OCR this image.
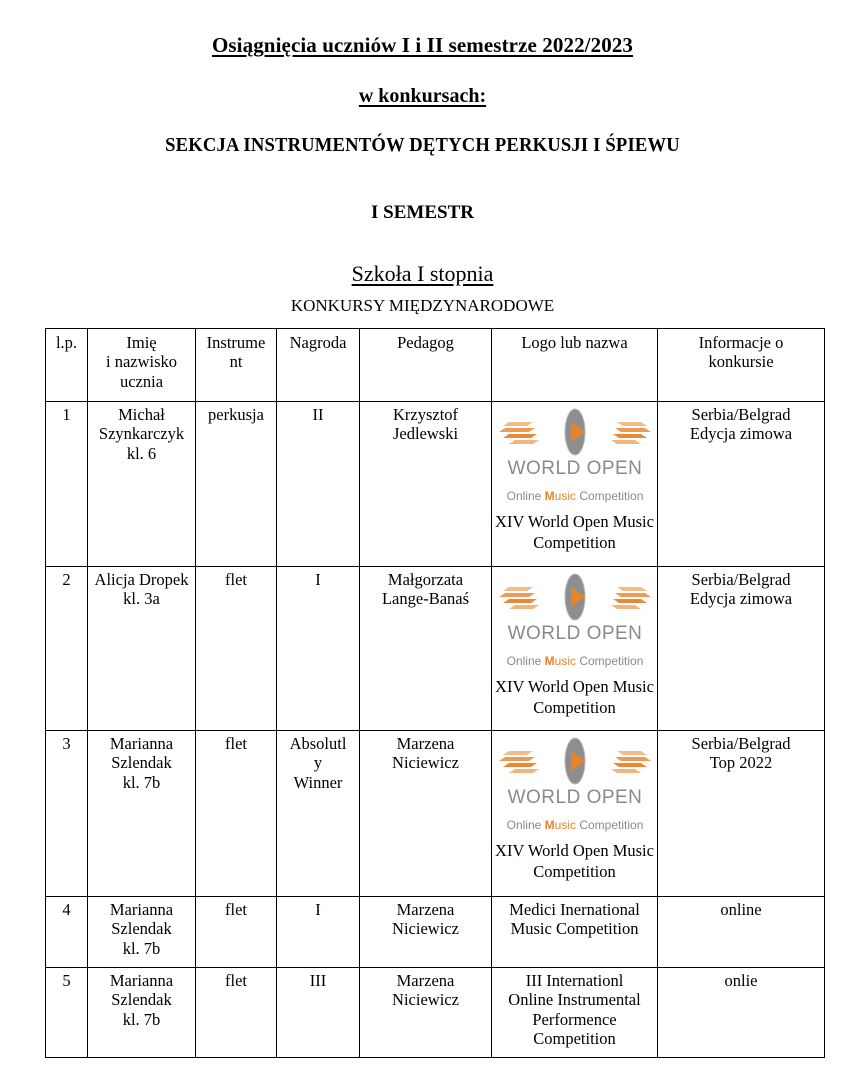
Osiągnięcia uczniów I i II semestrze 2022/2023
w konkursach:
SEKCJA INSTRUMENTÓW DĘTYCH PERKUSJI I ŚPIEWU
I SEMESTR
Szkoła I stopnia
KONKURSY MIĘDZYNARODOWE
l.p.	Imię
i nazwisko
ucznia	Instrume
nt	Nagroda	Pedagog	Logo lub nazwa	Informacje o
konkursie

1	Michał
Szynkarczyk
kl. 6	perkusja	II	Krzysztof
Jedlewski	WORLD OPEN
Online Music Competition
XIV World Open Music
Competition	Serbia/Belgrad
Edycja zimowa

2	Alicja Dropek
kl. 3a	flet	I	Małgorzata
Lange-Banaś	WORLD OPEN
Online Music Competition
XIV World Open Music
Competition	Serbia/Belgrad
Edycja zimowa

3	Marianna
Szlendak
kl. 7b	flet	Absolutl
y
Winner	Marzena
Niciewicz	WORLD OPEN
Online Music Competition
XIV World Open Music
Competition	Serbia/Belgrad
Top 2022

4	Marianna
Szlendak
kl. 7b	flet	I	Marzena
Niciewicz	Medici Inernational
Music Competition	online

5	Marianna
Szlendak
kl. 7b	flet	III	Marzena
Niciewicz	III Internationl
Online Instrumental
Performence
Competition	onlie
